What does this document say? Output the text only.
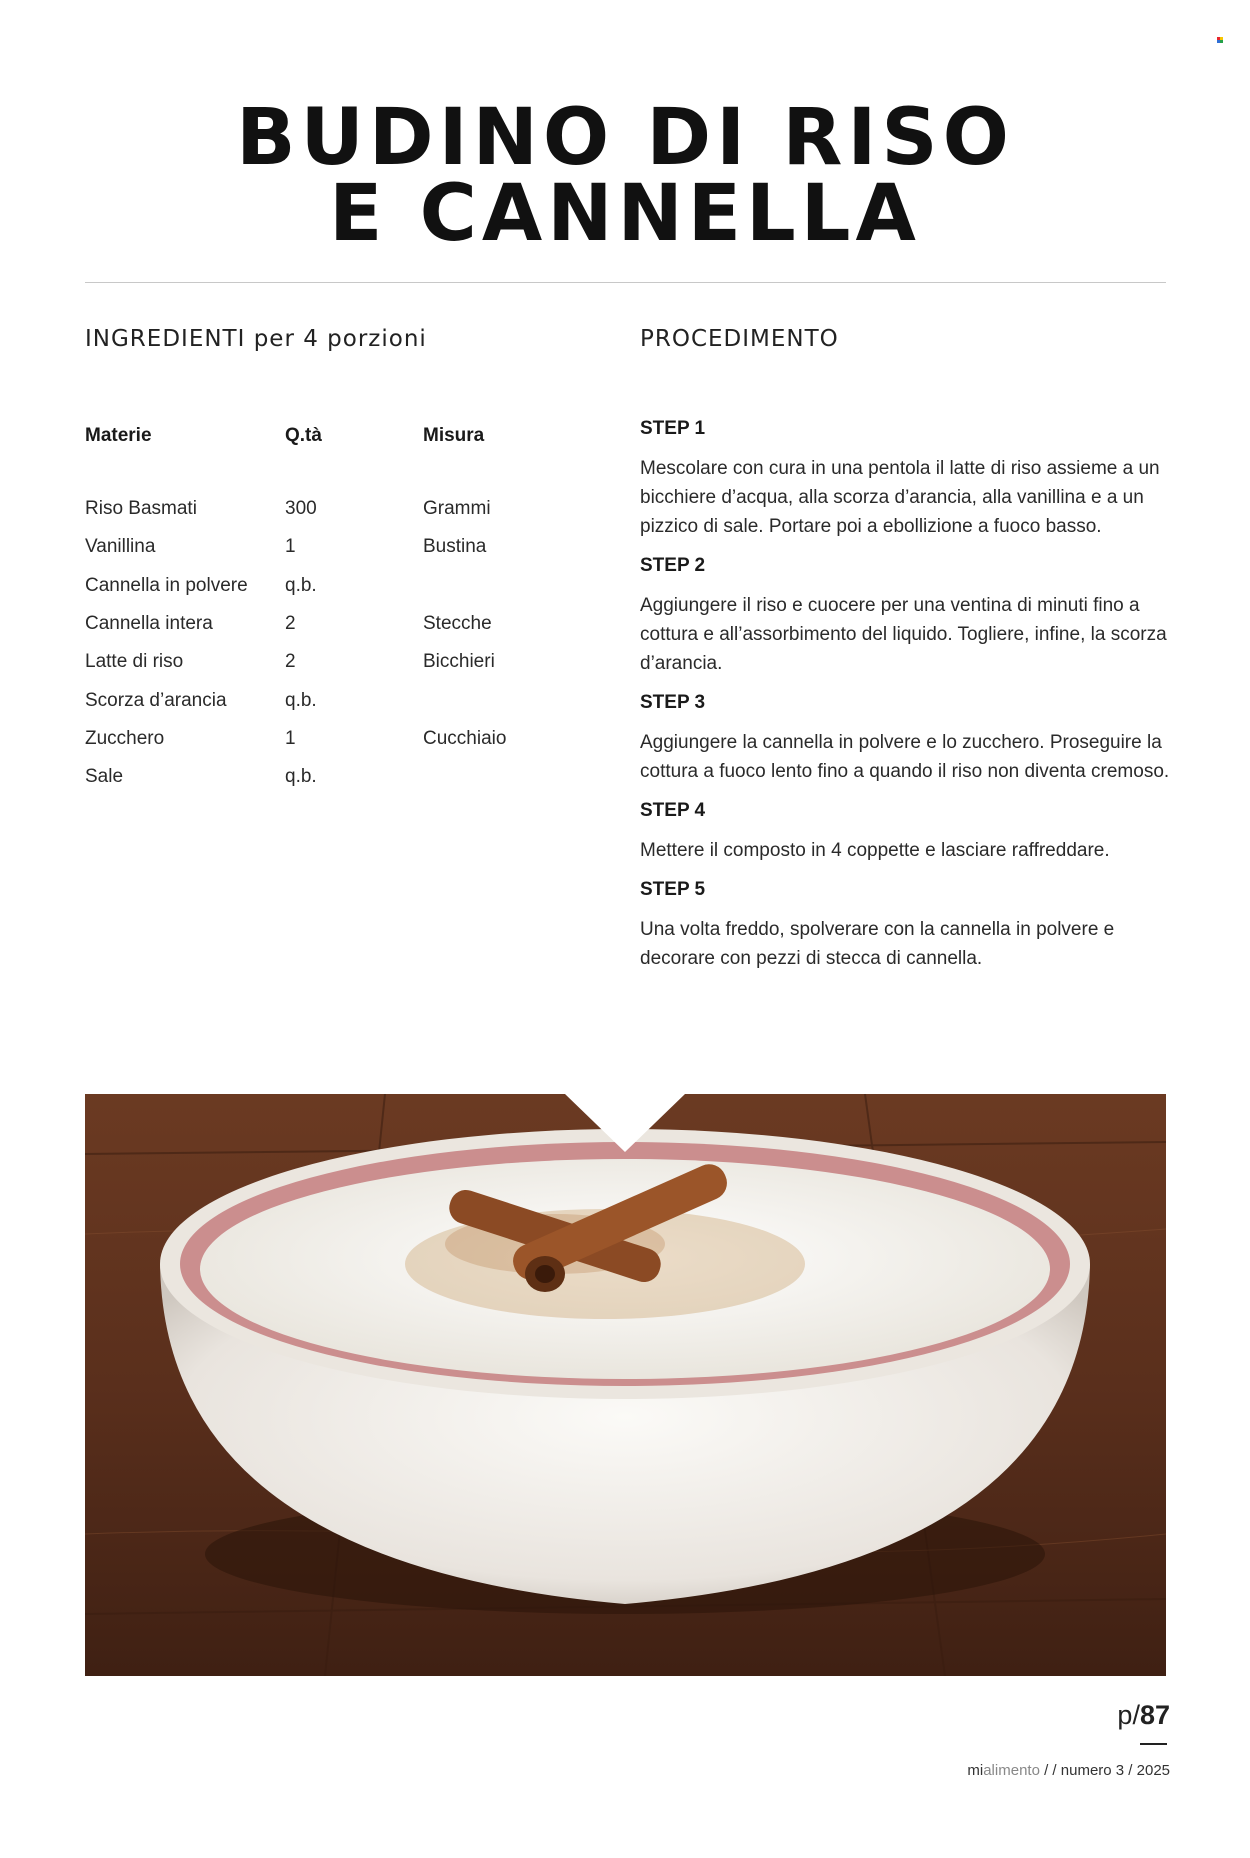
BUDINO DI RISO
E CANNELLA
INGREDIENTI per 4 porzioni	PROCEDIMENTO
Materie	Q.tà	Misura
Riso Basmati	300	Grammi
Vanillina	1	Bustina
Cannella in polvere	q.b.
Cannella intera	2	Stecche
Latte di riso	2	Bicchieri
Scorza d’arancia	q.b.
Zucchero	1	Cucchiaio
Sale	q.b.
STEP 1
Mescolare con cura in una pentola il latte di riso assieme a un bicchiere d’acqua, alla scorza d’arancia, alla vanillina e a un pizzico di sale. Portare poi a ebollizione a fuoco basso.
STEP 2
Aggiungere il riso e cuocere per una ventina di minuti fino a cottura e all’assorbimento del liquido. Togliere, infine, la scorza d’arancia.
STEP 3
Aggiungere la cannella in polvere e lo zucchero. Proseguire la cottura a fuoco lento fino a quando il riso non diventa cremoso.
STEP 4
Mettere il composto in 4 coppette e lasciare raffreddare.
STEP 5
Una volta freddo, spolverare con la cannella in polvere e decorare con pezzi di stecca di cannella.
p/87
mialimento / / numero 3 / 2025
